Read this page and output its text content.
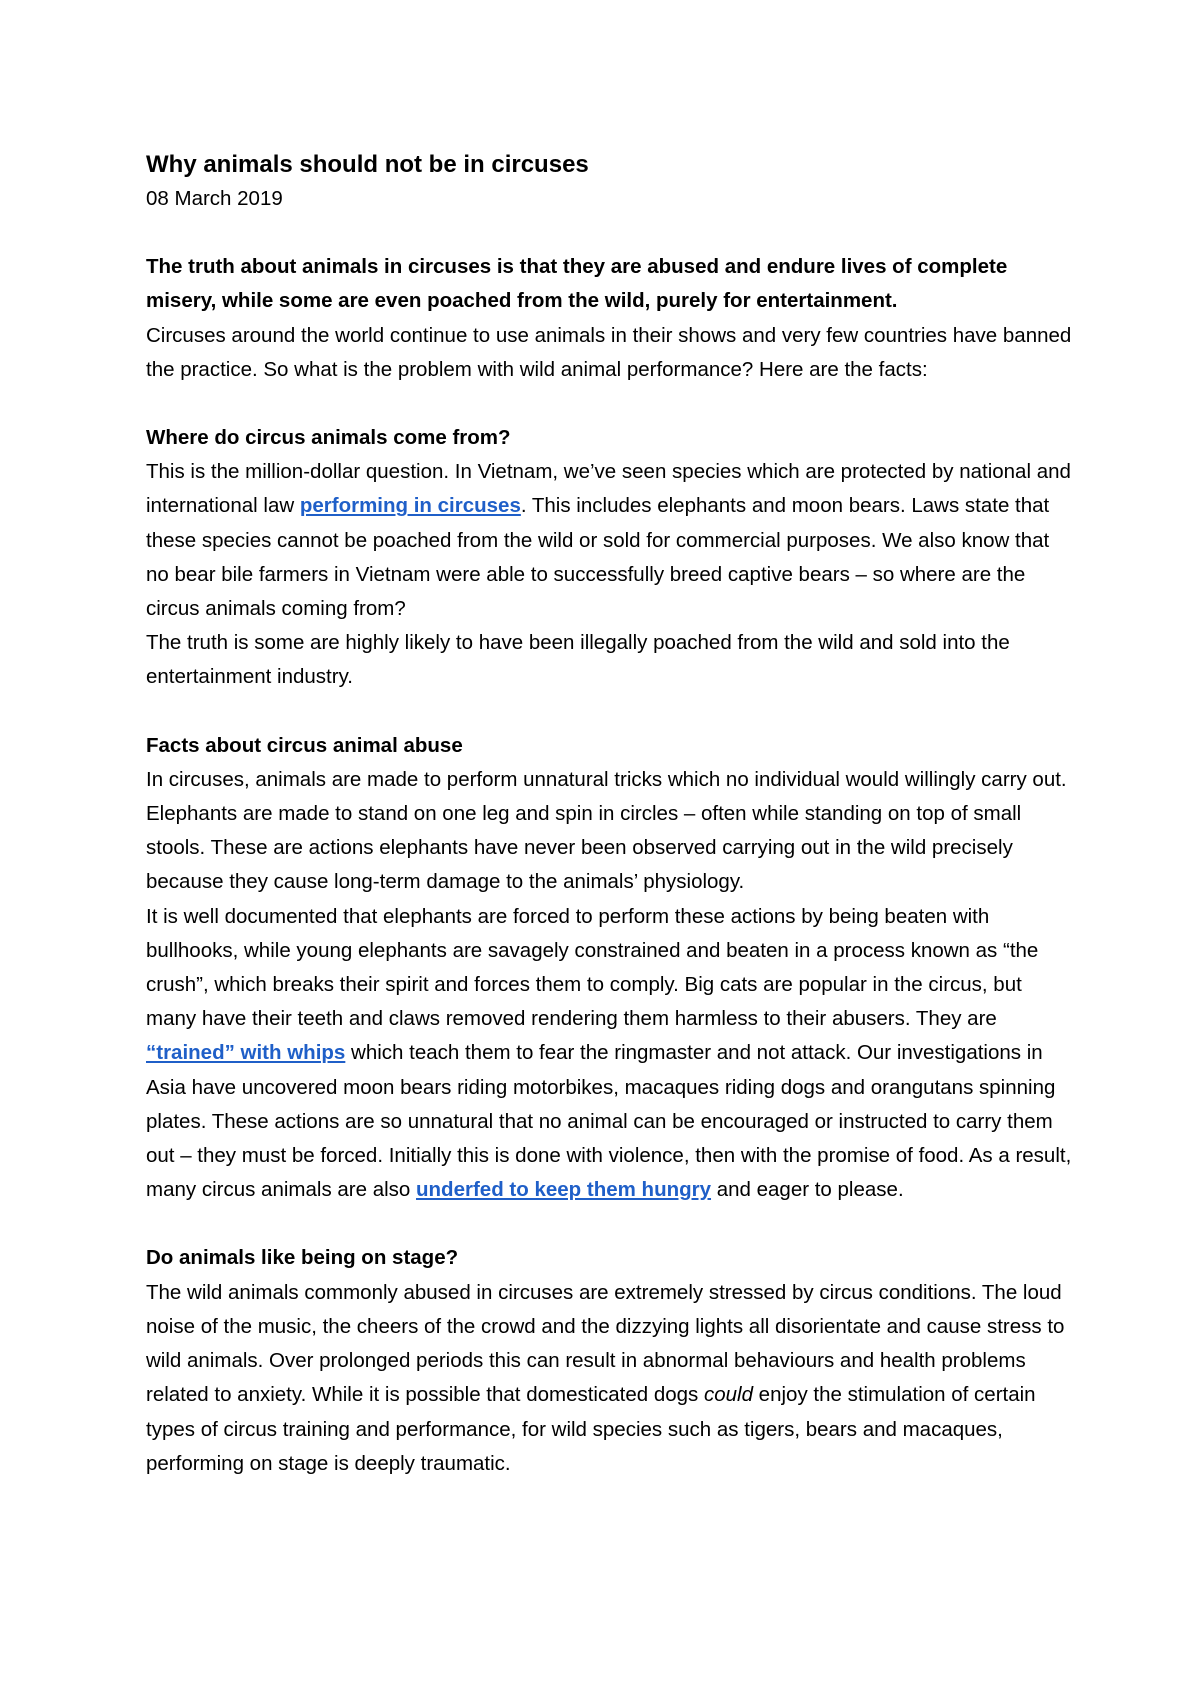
Why animals should not be in circuses

08 March 2019

The truth about animals in circuses is that they are abused and endure lives of complete misery, while some are even poached from the wild, purely for entertainment.

Circuses around the world continue to use animals in their shows and very few countries have banned the practice. So what is the problem with wild animal performance? Here are the facts:

Where do circus animals come from?

This is the million-dollar question. In Vietnam, we’ve seen species which are protected by national and international law performing in circuses. This includes elephants and moon bears. Laws state that these species cannot be poached from the wild or sold for commercial purposes. We also know that no bear bile farmers in Vietnam were able to successfully breed captive bears – so where are the circus animals coming from?

The truth is some are highly likely to have been illegally poached from the wild and sold into the entertainment industry.

Facts about circus animal abuse

In circuses, animals are made to perform unnatural tricks which no individual would willingly carry out. Elephants are made to stand on one leg and spin in circles – often while standing on top of small stools. These are actions elephants have never been observed carrying out in the wild precisely because they cause long-term damage to the animals’ physiology.

It is well documented that elephants are forced to perform these actions by being beaten with bullhooks, while young elephants are savagely constrained and beaten in a process known as “the crush”, which breaks their spirit and forces them to comply. Big cats are popular in the circus, but many have their teeth and claws removed rendering them harmless to their abusers. They are “trained” with whips which teach them to fear the ringmaster and not attack. Our investigations in Asia have uncovered moon bears riding motorbikes, macaques riding dogs and orangutans spinning plates. These actions are so unnatural that no animal can be encouraged or instructed to carry them out – they must be forced. Initially this is done with violence, then with the promise of food. As a result, many circus animals are also underfed to keep them hungry and eager to please.

Do animals like being on stage?

The wild animals commonly abused in circuses are extremely stressed by circus conditions. The loud noise of the music, the cheers of the crowd and the dizzying lights all disorientate and cause stress to wild animals. Over prolonged periods this can result in abnormal behaviours and health problems related to anxiety. While it is possible that domesticated dogs could enjoy the stimulation of certain types of circus training and performance, for wild species such as tigers, bears and macaques, performing on stage is deeply traumatic.
